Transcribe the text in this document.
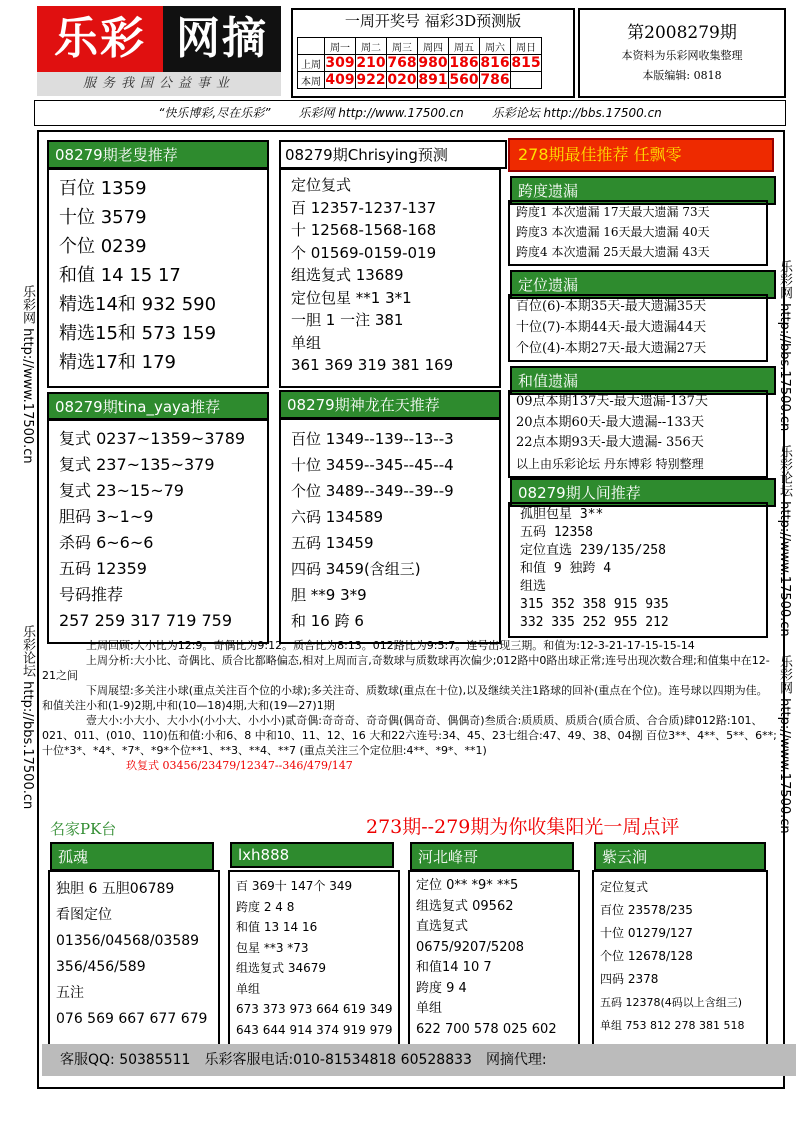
乐彩 网摘
服务我国公益事业
一周开奖号 福彩3D预测版
	周一	周二	周三	周四	周五	周六	周日
上周	309	210	768	980	186	816	815
本周	409	922	020	891	560	786	
第2008279期
本资料为乐彩网收集整理
本版编辑: 0818
“快乐博彩,尽在乐彩” 乐彩网 http://www.17500.cn 乐彩论坛 http://bbs.17500.cn
乐彩网 http://www.17500.cn
乐彩论坛 http://bbs.17500.cn
乐彩网 http://bbs.17500.cn
乐彩论坛 http://www.17500.cn
乐彩网 http://www.17500.cn
08279期老叟推荐
百位 1359
十位 3579
个位 0239
和值 14 15 17
精选14和 932 590
精选15和 573 159
精选17和 179
08279期Chrisying预测
定位复式
百 12357-1237-137
十 12568-1568-168
个 01569-0159-019
组选复式 13689
定位包星 **1 3*1
一胆 1 一注 381
单组
361 369 319 381 169
278期最佳推荐 任飘零
跨度遗漏
跨度1 本次遗漏 17天最大遗漏 73天
跨度3 本次遗漏 16天最大遗漏 40天
跨度4 本次遗漏 25天最大遗漏 43天
定位遗漏
百位(6)-本期35天-最大遗漏35天
十位(7)-本期44天-最大遗漏44天
个位(4)-本期27天-最大遗漏27天
和值遗漏
09点本期137天-最大遗漏-137天
20点本期60天-最大遗漏--133天
22点本期93天-最大遗漏- 356天
以上由乐彩论坛 丹东博彩 特别整理
08279期tina_yaya推荐
复式 0237~1359~3789
复式 237~135~379
复式 23~15~79
胆码 3~1~9
杀码 6~6~6
五码 12359
号码推荐
257 259 317 719 759
08279期神龙在天推荐
百位 1349--139--13--3
十位 3459--345--45--4
个位 3489--349--39--9
六码 134589
五码 13459
四码 3459(含组三)
胆 **9 3*9
和 16 跨 6
08279期人间推荐
孤胆包星 3**
五码 12358
定位直选 239/135/258
和值 9 独跨 4
组选
315 352 358 915 935
332 335 252 955 212
上周回顾:大小比为12:9。奇偶比为9:12。质合比为8:13。012路比为9:5:7。连号出现三期。和值为:12-3-21-17-15-15-14
上周分析:大小比、奇偶比、质合比都略偏态,相对上周而言,奇数球与质数球再次偏少;012路中0路出球正常;连号出现次数合理;和值集中在12-21之间
下周展望:多关注小球(重点关注百个位的小球);多关注奇、质数球(重点在十位),以及继续关注1路球的回补(重点在个位)。连号球以四期为佳。和值关注小和(1-9)2期,中和(10—18)4期,大和(19—27)1期
壹大小:小大小、大小小(小小大、小小小)贰奇偶:奇奇奇、奇奇偶(偶奇奇、偶偶奇)叁质合:质质质、质质合(质合质、合合质)肆012路:101、021、011、(010、110)伍和值:小和6、8 中和10、11、12、16 大和22六连号:34、45、23七组合:47、49、38、04捌 百位3**、4**、5**、6**;十位*3*、*4*、*7*、*9*个位**1、**3、**4、**7 (重点关注三个定位胆:4**、*9*、**1)
玖复式 03456/23479/12347--346/479/147
名家PK台	273期--279期为你收集阳光一周点评
孤魂
独胆 6 五胆06789
看图定位
01356/04568/03589
356/456/589
五注
076 569 667 677 679
lxh888
百 369十 147个 349
跨度 2 4 8
和值 13 14 16
包星 **3 *73
组选复式 34679
单组
673 373 973 664 619 349
643 644 914 374 919 979
河北峰哥
定位 0** *9* **5
组选复式 09562
直选复式
0675/9207/5208
和值14 10 7
跨度 9 4
单组
622 700 578 025 602
紫云涧
定位复式
百位 23578/235
十位 01279/127
个位 12678/128
四码 2378
五码 12378(4码以上含组三)
单组 753 812 278 381 518
客服QQ: 50385511 乐彩客服电话:010-81534818 60528833 网摘代理:
